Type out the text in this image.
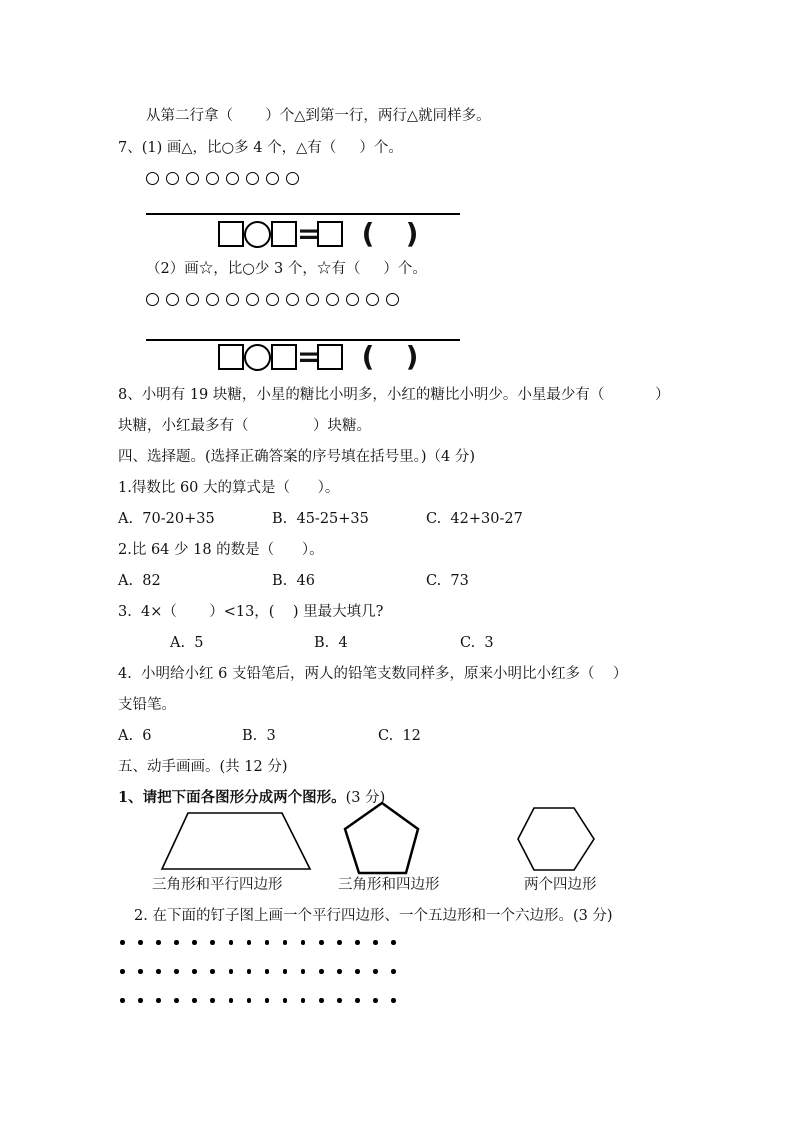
从第二行拿（       ）个△到第一行，两行△就同样多。
7、(1) 画△，比○多 4 个，△有（     ）个。
= ( )
（2）画☆，比○少 3 个，☆有（     ）个。
= ( )
8、小明有 19 块糖，小星的糖比小明多，小红的糖比小明少。小星最少有（           ）
块糖，小红最多有（              ）块糖。
四、选择题。(选择正确答案的序号填在括号里。)（4 分)
1.得数比 60 大的算式是（      ）。
A.  70-20+35	B.  45-25+35	C.  42+30-27
2.比 64 少 18 的数是（      ）。
A.  82	B.  46	C.  73
3.  4×（       ）<13，(    ) 里最大填几?
A.  5	B.  4	C.  3
4.  小明给小红 6 支铅笔后，两人的铅笔支数同样多，原来小明比小红多（    ）
支铅笔。
A.  6	B.  3	C.  12
五、动手画画。(共 12 分)
1、请把下面各图形分成两个图形。(3 分)
三角形和平行四边形	三角形和四边形	两个四边形
2. 在下面的钉子图上画一个平行四边形、一个五边形和一个六边形。(3 分)
